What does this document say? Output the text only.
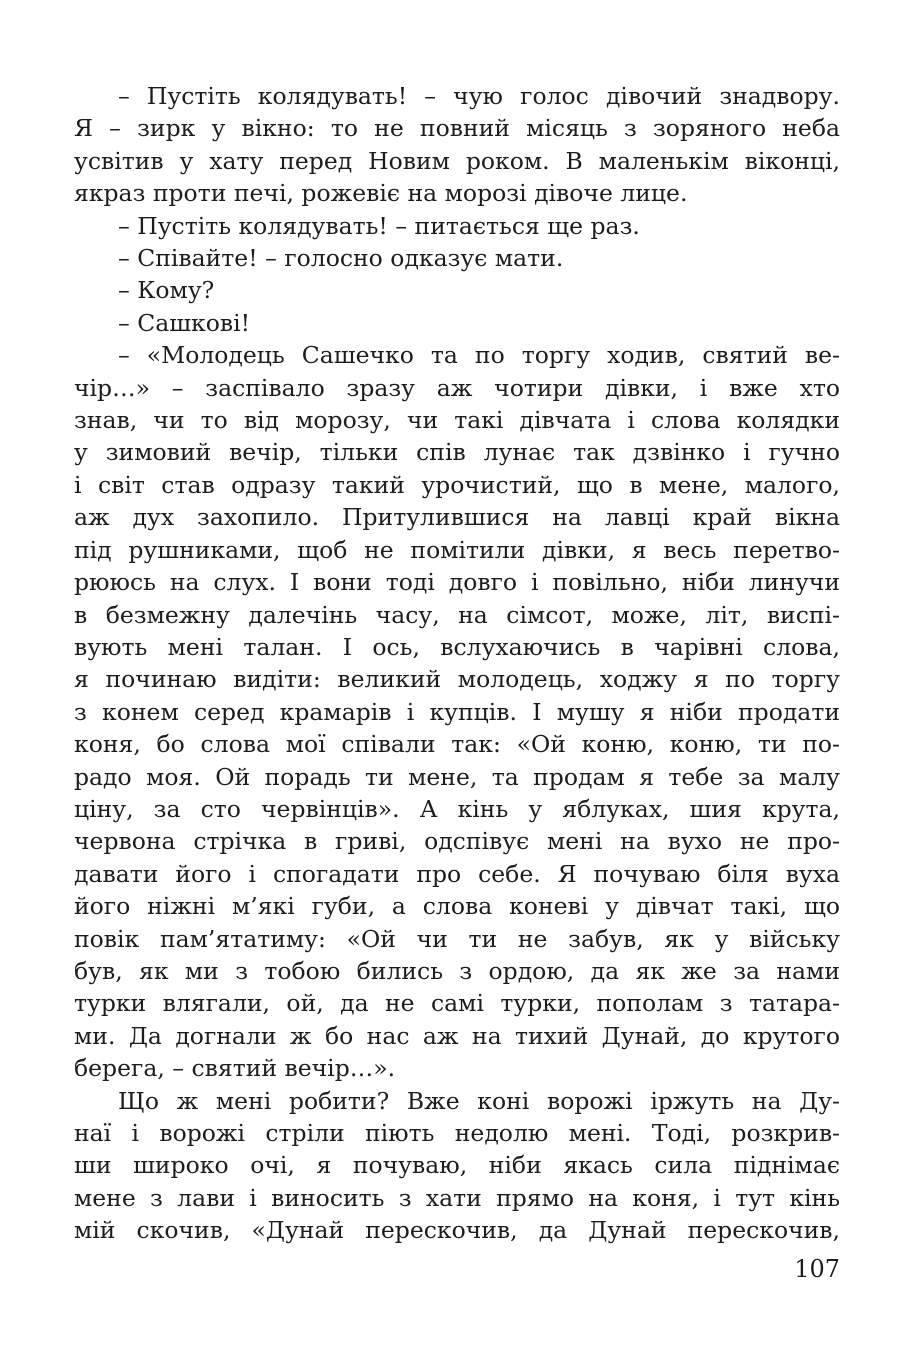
– Пустіть колядувать! – чую голос дівочий знадвору.
Я – зирк у вікно: то не повний місяць з зоряного неба
усвітив у хату перед Новим роком. В маленькім віконці,
якраз проти печі, рожевіє на морозі дівоче лице.
– Пустіть колядувать! – питається ще раз.
– Співайте! – голосно одказує мати.
– Кому?
– Сашкові!
– «Молодець Сашечко та по торгу ходив, святий ве-
чір…» – заспівало зразу аж чотири дівки, і вже хто
знав, чи то від морозу, чи такі дівчата і слова колядки
у зимовий вечір, тільки спів лунає так дзвінко і гучно
і світ став одразу такий урочистий, що в мене, малого,
аж дух захопило. Притулившися на лавці край вікна
під рушниками, щоб не помітили дівки, я весь перетво-
рююсь на слух. І вони тоді довго і повільно, ніби линучи
в безмежну далечінь часу, на сімсот, може, літ, виспі-
вують мені талан. І ось, вслухаючись в чарівні слова,
я починаю видіти: великий молодець, ходжу я по торгу
з конем серед крамарів і купців. І мушу я ніби продати
коня, бо слова мої співали так: «Ой коню, коню, ти по-
радо моя. Ой порадь ти мене, та продам я тебе за малу
ціну, за сто червінців». А кінь у яблуках, шия крута,
червона стрічка в гриві, одспівує мені на вухо не про-
давати його і спогадати про себе. Я почуваю біля вуха
його ніжні м’які губи, а слова коневі у дівчат такі, що
повік пам’ятатиму: «Ой чи ти не забув, як у війську
був, як ми з тобою бились з ордою, да як же за нами
турки влягали, ой, да не самі турки, пополам з татара-
ми. Да догнали ж бо нас аж на тихий Дунай, до крутого
берега, – святий вечір…».
Що ж мені робити? Вже коні ворожі іржуть на Ду-
наї і ворожі стріли піють недолю мені. Тоді, розкрив-
ши широко очі, я почуваю, ніби якась сила піднімає
мене з лави і виносить з хати прямо на коня, і тут кінь
мій скочив, «Дунай перескочив, да Дунай перескочив,
107
